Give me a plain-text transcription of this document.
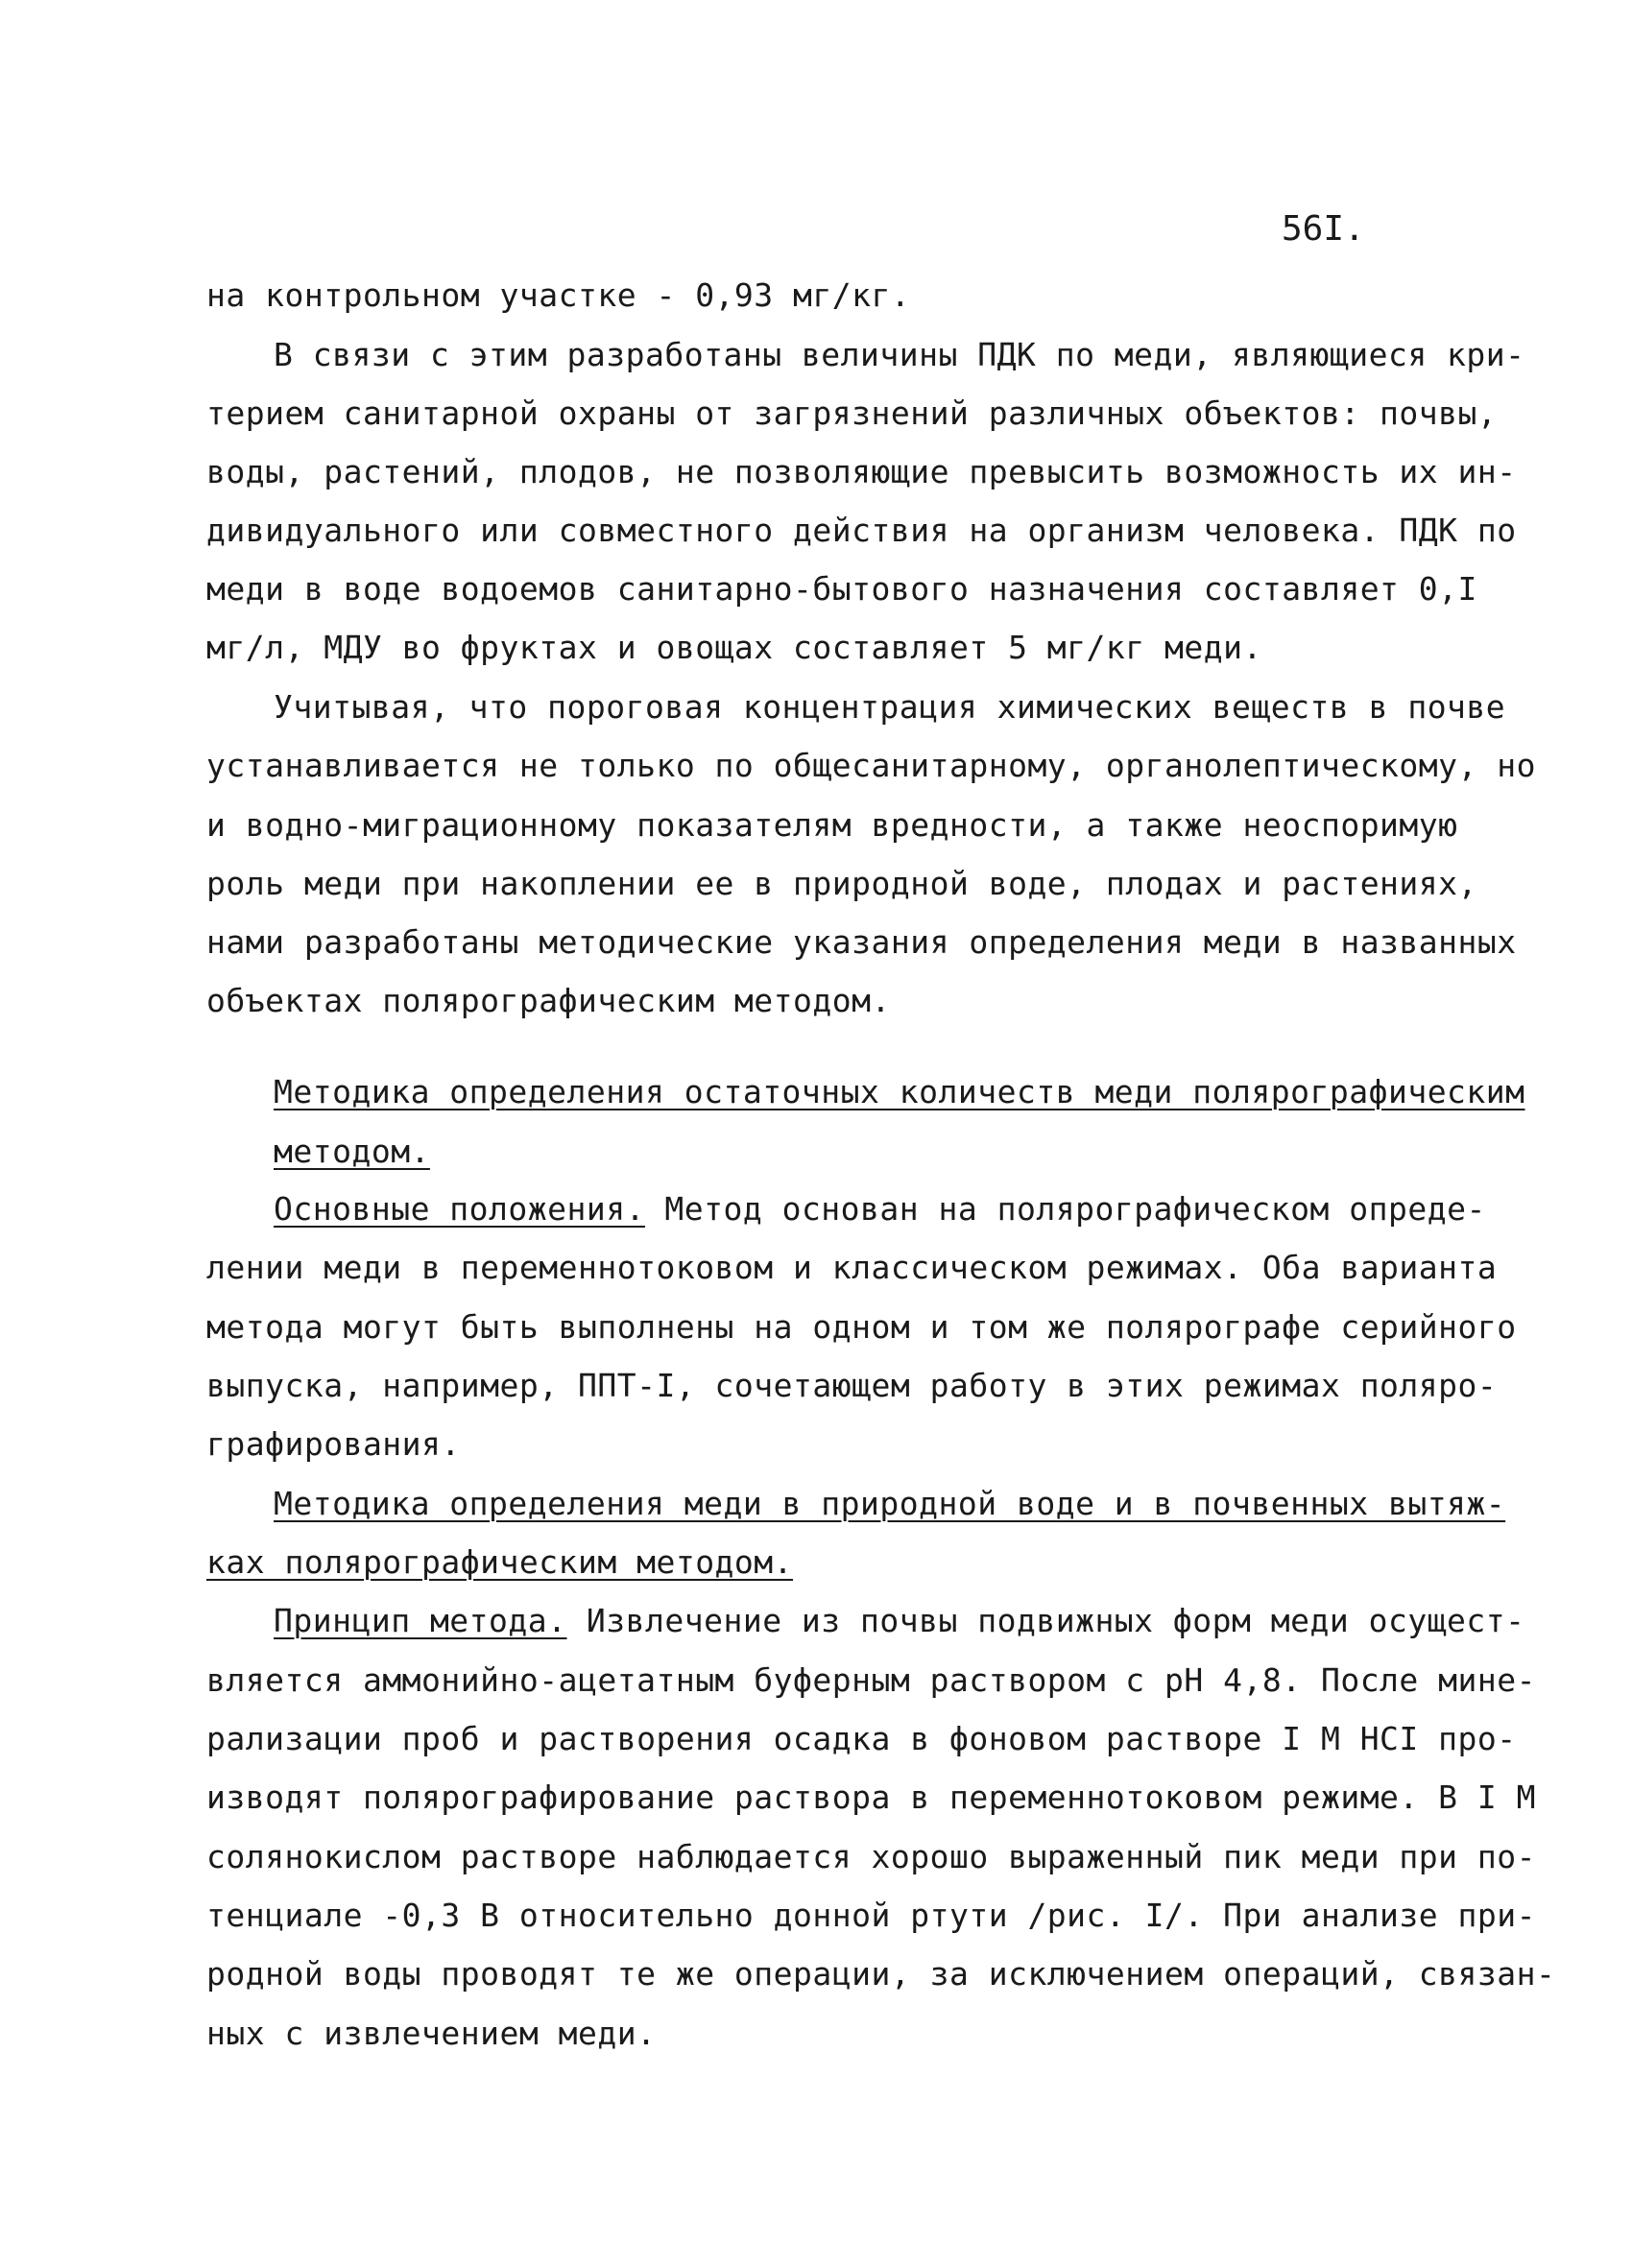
56I.
на контрольном участке - 0,93 мг/кг.
В связи с этим разработаны величины ПДК по меди, являющиеся кри-
терием санитарной охраны от загрязнений различных объектов: почвы,
воды, растений, плодов, не позволяющие превысить возможность их ин-
дивидуального или совместного действия на организм человека. ПДК по
меди в воде водоемов санитарно-бытового назначения составляет 0,I
мг/л, МДУ во фруктах и овощах составляет 5 мг/кг меди.
Учитывая, что пороговая концентрация химических веществ в почве
устанавливается не только по общесанитарному, органолептическому, но
и водно-миграционному показателям вредности, а также неоспоримую
роль меди при накоплении ее в природной воде, плодах и растениях,
нами разработаны методические указания определения меди в названных
объектах полярографическим методом.
Методика определения остаточных количеств меди полярографическим
методом.
Основные положения. Метод основан на полярографическом опреде-
лении меди в переменнотоковом и классическом режимах. Оба варианта
метода могут быть выполнены на одном и том же полярографе серийного
выпуска, например, ППТ-I, сочетающем работу в этих режимах поляро-
графирования.
Методика определения меди в природной воде и в почвенных вытяж-
ках полярографическим методом.
Принцип метода. Извлечение из почвы подвижных форм меди осущест-
вляется аммонийно-ацетатным буферным раствором с рН 4,8. После мине-
рализации проб и растворения осадка в фоновом растворе I М НСI про-
изводят полярографирование раствора в переменнотоковом режиме. В I М
солянокислом растворе наблюдается хорошо выраженный пик меди при по-
тенциале -0,3 В относительно донной ртути /рис. I/. При анализе при-
родной воды проводят те же операции, за исключением операций, связан-
ных с извлечением меди.
